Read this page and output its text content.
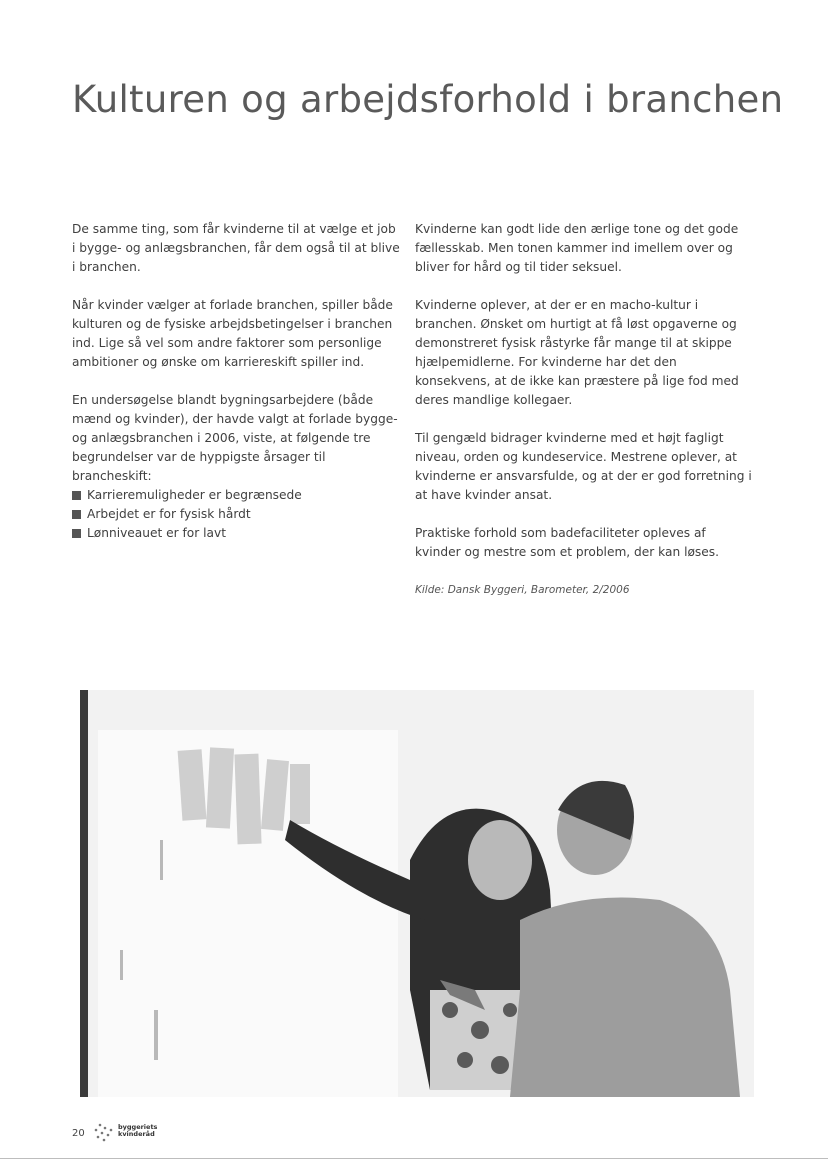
Kulturen og arbejdsforhold i branchen

De samme ting, som får kvinderne til at vælge et job i bygge- og anlægsbranchen, får dem også til at blive i branchen.

Når kvinder vælger at forlade branchen, spiller både kulturen og de fysiske arbejdsbetingelser i branchen ind. Lige så vel som andre faktorer som personlige ambitioner og ønske om karriereskift spiller ind.

En undersøgelse blandt bygningsarbejdere (både mænd og kvinder), der havde valgt at forlade bygge- og anlægsbranchen i 2006, viste, at følgende tre begrundelser var de hyppigste årsager til brancheskift:

Karrieremuligheder er begrænsede
Arbejdet er for fysisk hårdt
Lønniveauet er for lavt

Kvinderne kan godt lide den ærlige tone og det gode fællesskab. Men tonen kammer ind imellem over og bliver for hård og til tider seksuel.

Kvinderne oplever, at der er en macho-kultur i branchen. Ønsket om hurtigt at få løst opgaverne og demonstreret fysisk råstyrke får mange til at skippe hjælpemidlerne. For kvinderne har det den konsekvens, at de ikke kan præstere på lige fod med deres mandlige kollegaer.

Til gengæld bidrager kvinderne med et højt fagligt niveau, orden og kundeservice. Mestrene oplever, at kvinderne er ansvarsfulde, og at der er god forretning i at have kvinder ansat.

Praktiske forhold som badefaciliteter opleves af kvinder og mestre som et problem, der kan løses.

Kilde: Dansk Byggeri, Barometer, 2/2006

20
byggeriets
kvinderåd
